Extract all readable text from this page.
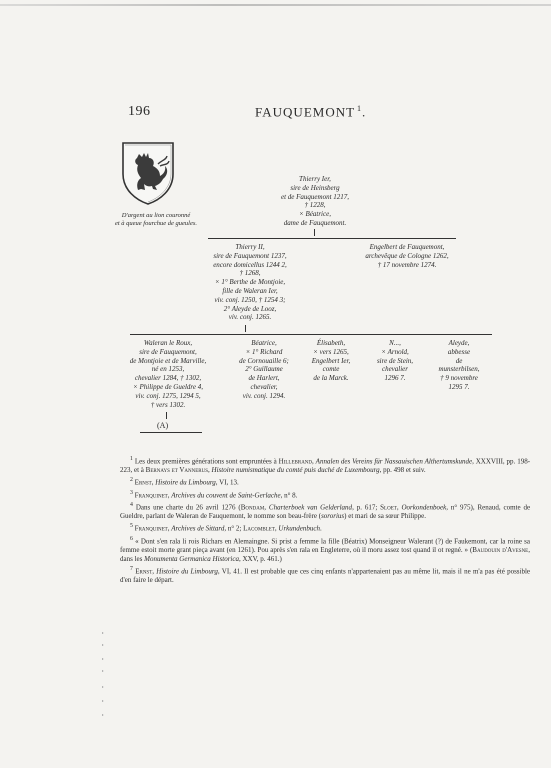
196	FAUQUEMONT $^1$.
D'argent au lion couronné
et à queue fourchue de gueules.
Thierry Ier,
sire de Heinsberg
et de Fauquemont 1217,
† 1228,
× Béatrice,
dame de Fauquemont.
Thierry II,
sire de Fauquemont 1237,
encore domicellus 1244 2,
† 1268,
× 1° Berthe de Montjoie,
fille de Waleran Ier,
viv. conj. 1250, † 1254 3;
2° Aleyde de Looz,
viv. conj. 1265.
Engelbert de Fauquemont,
archevêque de Cologne 1262,
† 17 novembre 1274.
Waleran le Roux,
sire de Fauquemont,
de Montjoie et de Marville,
né en 1253,
chevalier 1284, † 1302,
× Philippe de Gueldre 4,
viv. conj. 1275, 1294 5,
† vers 1302.
(A)
Béatrice,
× 1° Richard
de Cornouaille 6;
2° Guillaume
de Harlert,
chevalier,
viv. conj. 1294.
Élisabeth,
× vers 1265,
Engelbert Ier,
comte
de la Marck.
N...,
× Arnold,
sire de Stein,
chevalier
1296 7.
Aleyde,
abbesse
de
munsterbilsen,
† 9 novembre
1295 7.

$^1$ Les deux premières générations sont empruntées à Hillebrand, Annalen des Vereins für Nassauischen Althertumskunde, XXXVIII, pp. 198-223, et à Bernays et Vannerus, Histoire numismatique du comté puis duché de Luxembourg, pp. 498 et suiv.

$^2$ Ernst, Histoire du Limbourg, VI, 13.

$^3$ Franquinet, Archives du couvent de Saint-Gerlache, n° 8.

$^4$ Dans une charte du 26 avril 1276 (Bondam, Charterboek van Gelderland, p. 617; Sloet, Oorkondenboek, n° 975), Renaud, comte de Gueldre, parlant de Waleran de Fauquemont, le nomme son beau-frère (sororius) et mari de sa sœur Philippe.

$^5$ Franquinet, Archives de Sittard, n° 2; Lacomblet, Urkundenbuch.

$^6$ « Dont s'en rala li rois Richars en Alemaingne. Si prist a femme la fille (Béatrix) Monseigneur Walerant (?) de Faukemont, car la roine sa femme estoit morte grant pieça avant (en 1261). Pou après s'en rala en Engleterre, où il moru assez tost quand il ot regné. » (Baudouin d'Avesne, dans les Monumenta Germanica Historica, XXV, p. 461.)

$^7$ Ernst, Histoire du Limbourg, VI, 41. Il est probable que ces cinq enfants n'appartenaient pas au même lit, mais il ne m'a pas été possible d'en faire le départ.
